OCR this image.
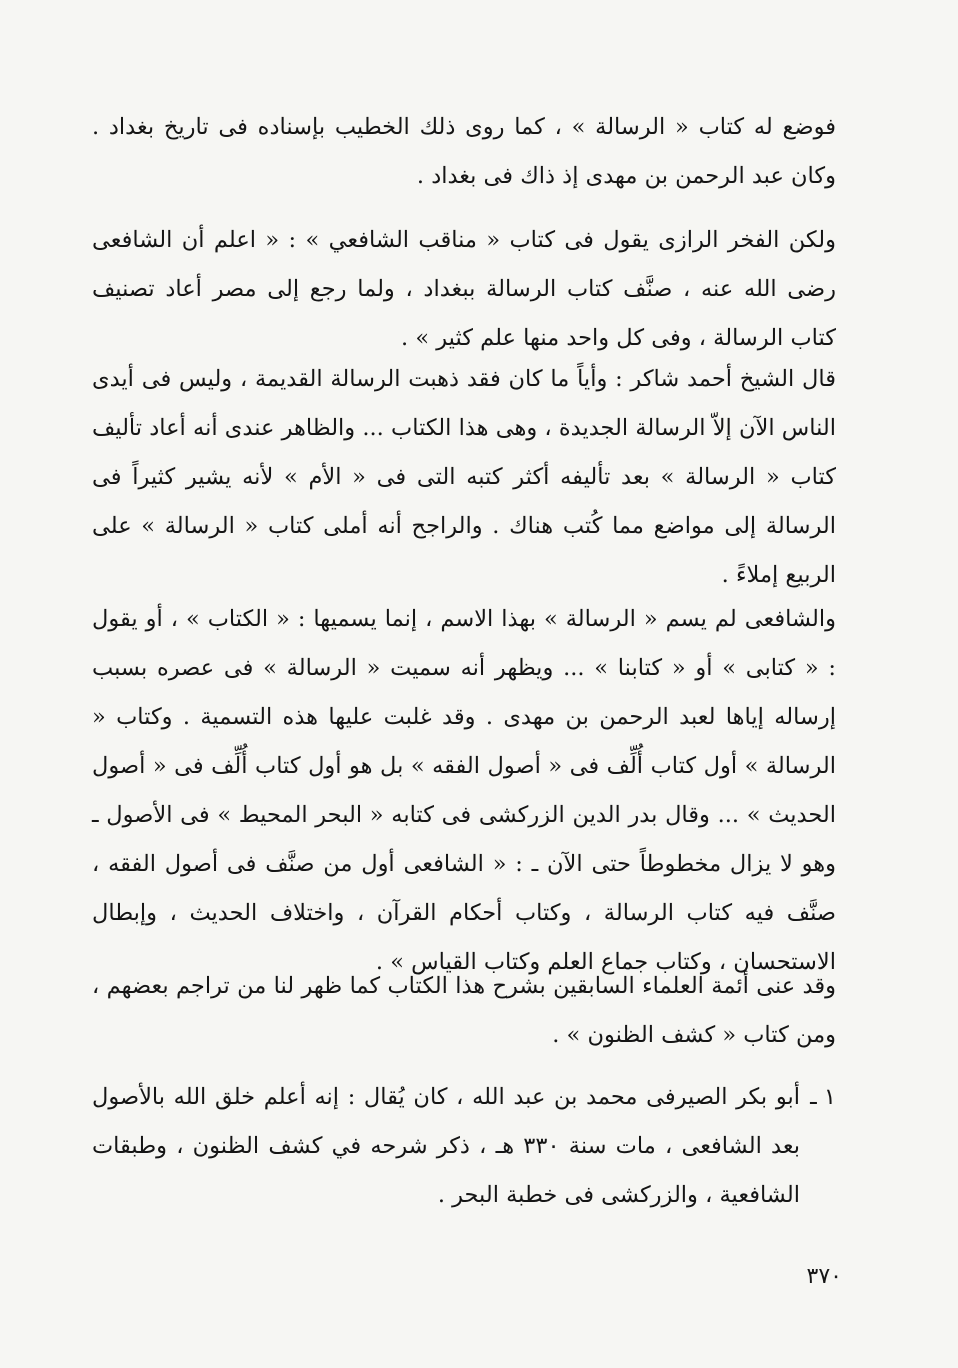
فوضع له كتاب « الرسالة » ، كما روى ذلك الخطيب بإسناده فى تاريخ بغداد . وكان عبد الرحمن بن مهدى إذ ذاك فى بغداد .

ولكن الفخر الرازى يقول فى كتاب « مناقب الشافعي » : « اعلم أن الشافعى رضى الله عنه ، صنَّف كتاب الرسالة ببغداد ، ولما رجع إلى مصر أعاد تصنيف كتاب الرسالة ، وفى كل واحد منها علم كثير » .

قال الشيخ أحمد شاكر : وأياً ما كان فقد ذهبت الرسالة القديمة ، وليس فى أيدى الناس الآن إلاّ الرسالة الجديدة ، وهى هذا الكتاب ... والظاهر عندى أنه أعاد تأليف كتاب « الرسالة » بعد تأليفه أكثر كتبه التى فى « الأم » لأنه يشير كثيراً فى الرسالة إلى مواضع مما كُتب هناك . والراجح أنه أملى كتاب « الرسالة » على الربيع إملاءً .

والشافعى لم يسم « الرسالة » بهذا الاسم ، إنما يسميها : « الكتاب » ، أو يقول : « كتابى » أو « كتابنا » ... ويظهر أنه سميت « الرسالة » فى عصره بسبب إرساله إياها لعبد الرحمن بن مهدى . وقد غلبت عليها هذه التسمية . وكتاب « الرسالة » أول كتاب أُلِّف فى « أصول الفقه » بل هو أول كتاب أُلِّف فى « أصول الحديث » ... وقال بدر الدين الزركشى فى كتابه « البحر المحيط » فى الأصول ـ وهو لا يزال مخطوطاً حتى الآن ـ : « الشافعى أول من صنَّف فى أصول الفقه ، صنَّف فيه كتاب الرسالة ، وكتاب أحكام القرآن ، واختلاف الحديث ، وإبطال الاستحسان ، وكتاب جماع العلم وكتاب القياس » .

وقد عنى أئمة العلماء السابقين بشرح هذا الكتاب كما ظهر لنا من تراجم بعضهم ، ومن كتاب « كشف الظنون » .

١ ـ
أبو بكر الصيرفى محمد بن عبد الله ، كان يُقال : إنه أعلم خلق الله بالأصول بعد الشافعى ، مات سنة ٣٣٠ هـ ، ذكر شرحه في كشف الظنون ، وطبقات الشافعية ، والزركشى فى خطبة البحر .
٣٧٠
